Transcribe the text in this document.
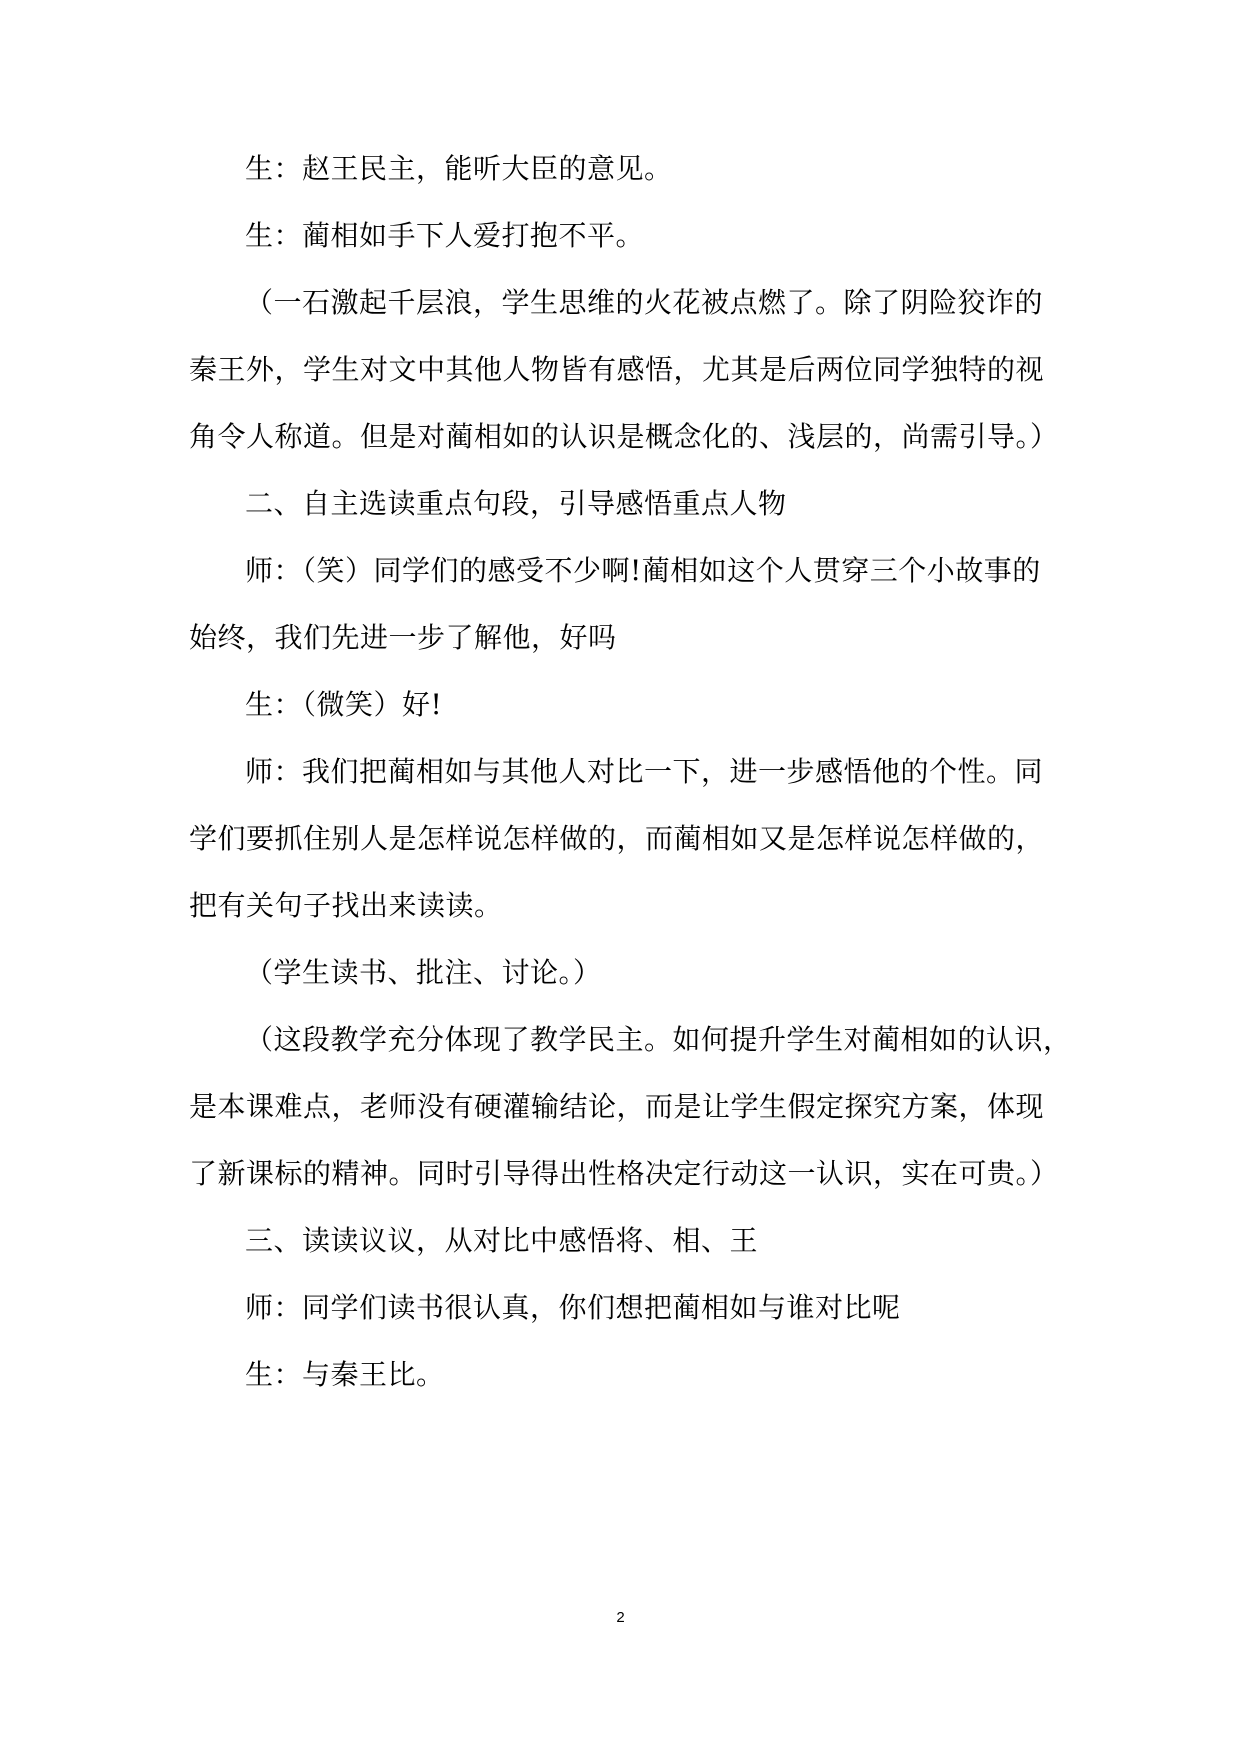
生：赵王民主，能听大臣的意见。
生：蔺相如手下人爱打抱不平。
（一石激起千层浪，学生思维的火花被点燃了。除了阴险狡诈的
秦王外，学生对文中其他人物皆有感悟，尤其是后两位同学独特的视
角令人称道。但是对蔺相如的认识是概念化的、浅层的，尚需引导。）
二、自主选读重点句段，引导感悟重点人物
师：（笑）同学们的感受不少啊!蔺相如这个人贯穿三个小故事的
始终，我们先进一步了解他，好吗
生：（微笑）好!
师：我们把蔺相如与其他人对比一下，进一步感悟他的个性。同
学们要抓住别人是怎样说怎样做的，而蔺相如又是怎样说怎样做的，
把有关句子找出来读读。
（学生读书、批注、讨论。）
（这段教学充分体现了教学民主。如何提升学生对蔺相如的认识，
是本课难点，老师没有硬灌输结论，而是让学生假定探究方案，体现
了新课标的精神。同时引导得出性格决定行动这一认识，实在可贵。）
三、读读议议，从对比中感悟将、相、王
师：同学们读书很认真，你们想把蔺相如与谁对比呢
生：与秦王比。
2
